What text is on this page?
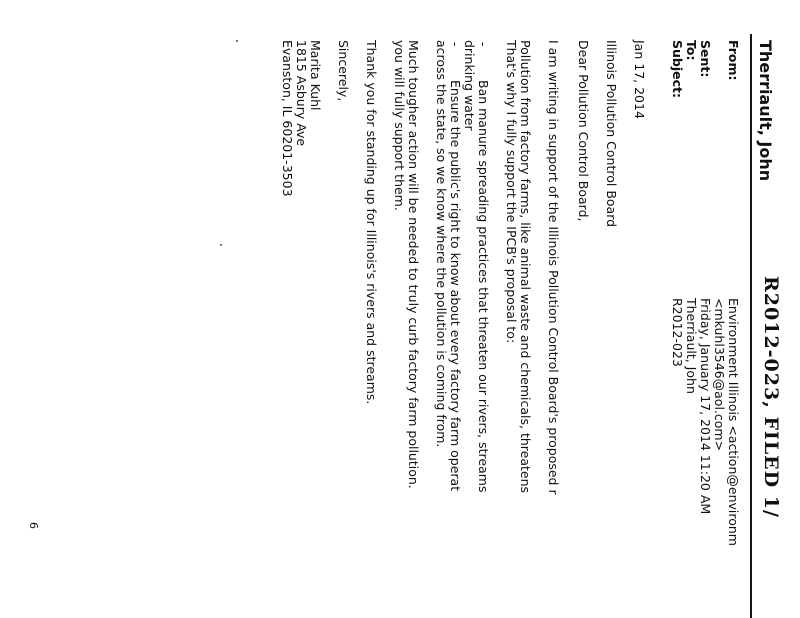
R2012-023, FILED 1/
Therriault, John
From:
Environment Illinois <action@environm
<mkuhl3546@aol.com>
Sent:
Friday, January 17, 2014 11:20 AM
To:
Therriault, John
Subject:
R2012-023
Jan 17, 2014
Illinois Pollution Control Board
Dear Pollution Control Board,
I am writing in support of the Illinois Pollution Control Board's proposed r
Pollution from factory farms, like animal waste and chemicals, threatens
That's why I fully support the IPCB's proposal to:
-
Ban manure spreading practices that threaten our rivers, streams
drinking water
-
Ensure the public's right to know about every factory farm operat
across the state, so we know where the pollution is coming from.
Much tougher action will be needed to truly curb factory farm pollution.
you will fully support them.
Thank you for standing up for Illinois's rivers and streams.
Sincerely,
Marita Kuhl
1815 Asbury Ave
Evanston, IL 60201-3503
6
